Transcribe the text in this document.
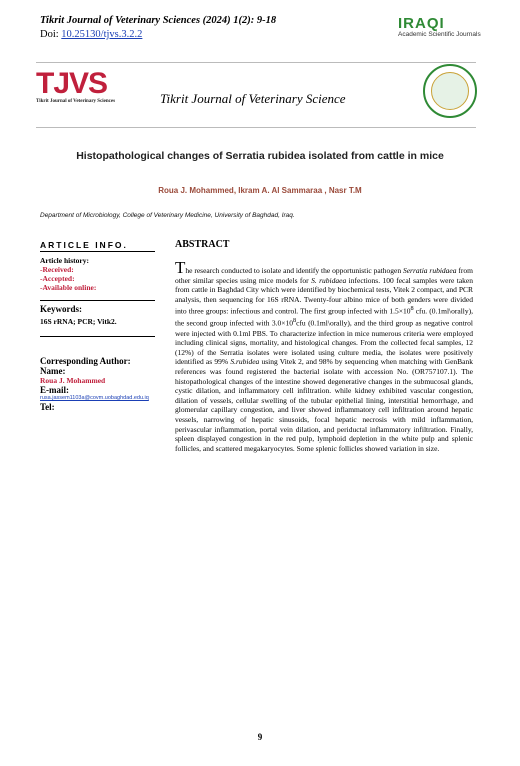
Tikrit Journal of Veterinary Sciences (2024) 1(2): 9-18
Doi: 10.25130/tjvs.3.2.2
IRAQI
Academic Scientific Journals
TJVS
Tikrit Journal of Veterinary Sciences	Tikrit Journal of Veterinary Science
Histopathological changes of Serratia rubidea isolated from cattle in mice
Roua J. Mohammed, Ikram A. Al Sammaraa , Nasr T.M
Department of Microbiology, College of Veterinary Medicine, University of Baghdad, Iraq.
ARTICLE INFO.
Article history:
-Received:
-Accepted:
-Available online:
Keywords:
16S rRNA; PCR; Vitk2.
Corresponding Author:
Name:
Roua J. Mohammed
E-mail:
rusa.jassem1103a@covm.uobaghdad.edu.iq
Tel:
ABSTRACT
The research conducted to isolate and identify the opportunistic pathogen Serratia rubidaea from other similar species using mice models for S. rubidaea infections. 100 fecal samples were taken from cattle in Baghdad City which were identified by biochemical tests, Vitek 2 compact, and PCR analysis, then sequencing for 16S rRNA. Twenty-four albino mice of both genders were divided into three groups: infectious and control. The first group infected with $1.5\times 10^8$ cfu. (0.1ml\orally), the second group infected with $3.0\times 10^8cfu$ (0.1ml\orally), and the third group as negative control were injected with 0.1ml PBS. To characterize infection in mice numerous criteria were employed including clinical signs, mortality, and histological changes. From the collected fecal samples, 12 (12%) of the Serratia isolates were isolated using culture media, the isolates were positively identified as 99% S.rubidea using Vitek 2, and 98% by sequencing when matching with GenBank references was found registered the bacterial isolate with accession No. (OR757107.1). The histopathological changes of the intestine showed degenerative changes in the submucosal glands, cystic dilation, and inflammatory cell infiltration. while kidney exhibited vascular congestion, dilation of vessels, cellular swelling of the tubular epithelial lining, interstitial hemorrhage, and glomerular capillary congestion, and liver showed inflammatory cell infiltration around hepatic vessels, narrowing of hepatic sinusoids, focal hepatic necrosis with mild inflammation, perivascular inflammation, portal vein dilation, and periductal inflammatory infiltration. Finally, spleen displayed congestion in the red pulp, lymphoid depletion in the white pulp and splenic follicles, and scattered megakaryocytes. Some splenic follicles showed variation in size.
9
